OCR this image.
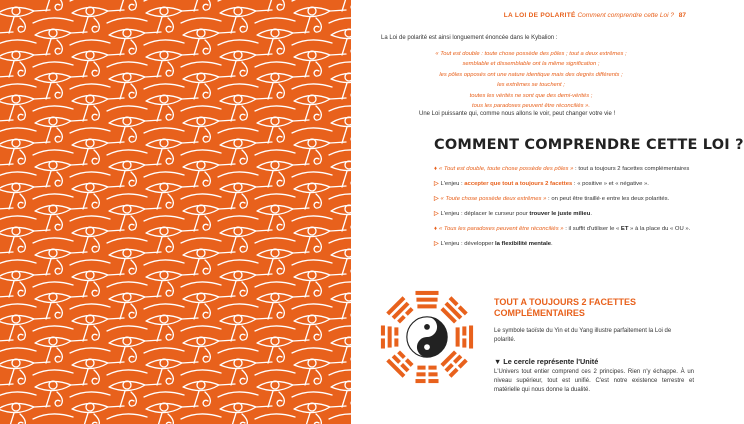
LA LOI DE POLARITÉ Comment comprendre cette Loi ? 87

La Loi de polarité est ainsi longuement énoncée dans le Kybalion :

« Tout est double : toute chose possède des pôles ; tout a deux extrêmes ;
semblable et dissemblable ont la même signification ;
les pôles opposés ont une nature identique mais des degrés différents ;
les extrêmes se touchent ;
toutes les vérités ne sont que des demi-vérités ;
tous les paradoxes peuvent être réconciliés ».

Une Loi puissante qui, comme nous allons le voir, peut changer votre vie !

COMMENT COMPRENDRE CETTE LOI ?

♦ « Tout est double, toute chose possède des pôles » : tout a toujours 2 facettes complémentaires

▷ L'enjeu : accepter que tout a toujours 2 facettes : « positive » et « négative ».

▷ « Toute chose possède deux extrêmes » : on peut être tiraillé·e entre les deux polarités.

▷ L'enjeu : déplacer le curseur pour trouver le juste milieu.

♦ « Tous les paradoxes peuvent être réconciliés » : il suffit d'utiliser le « ET » à la place du « OU ».

▷ L'enjeu : développer la flexibilité mentale.

TOUT A TOUJOURS 2 FACETTES COMPLÉMENTAIRES

Le symbole taoïste du Yin et du Yang illustre parfaitement la Loi de polarité.

▼ Le cercle représente l'Unité

L'Univers tout entier comprend ces 2 principes. Rien n'y échappe. À un niveau supérieur, tout est unifié. C'est notre existence terrestre et matérielle qui nous donne la dualité.
